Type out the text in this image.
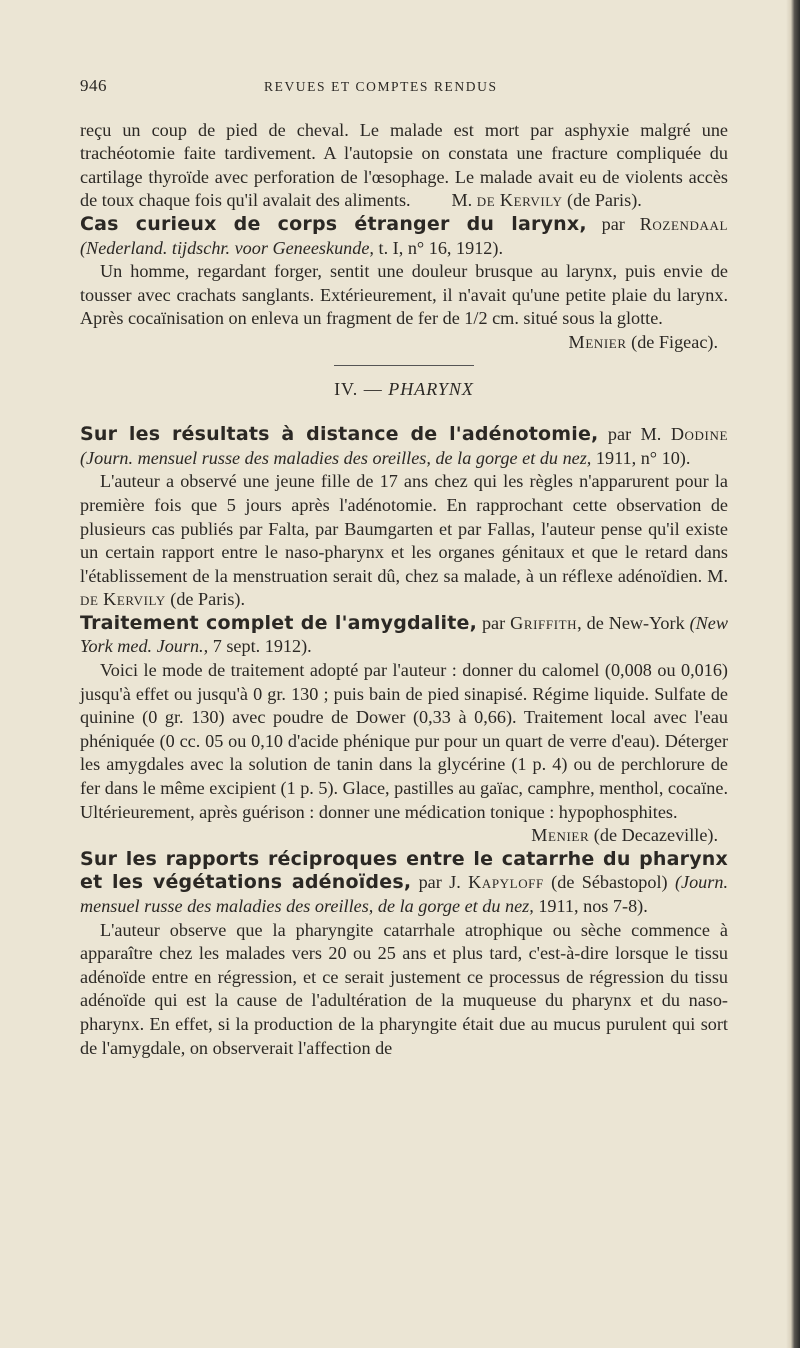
946	REVUES ET COMPTES RENDUS

reçu un coup de pied de cheval. Le malade est mort par asphyxie malgré une trachéotomie faite tardivement. A l'autopsie on constata une fracture compliquée du cartilage thyroïde avec perforation de l'œsophage. Le malade avait eu de violents accès de toux chaque fois qu'il avalait des aliments. M. de Kervily (de Paris).

Cas curieux de corps étranger du larynx, par Rozendaal (Nederland. tijdschr. voor Geneeskunde, t. I, n° 16, 1912).

Un homme, regardant forger, sentit une douleur brusque au larynx, puis envie de tousser avec crachats sanglants. Extérieurement, il n'avait qu'une petite plaie du larynx. Après cocaïnisation on enleva un fragment de fer de 1/2 cm. situé sous la glotte.

Menier (de Figeac).

IV. — PHARYNX

Sur les résultats à distance de l'adénotomie, par M. Dodine (Journ. mensuel russe des maladies des oreilles, de la gorge et du nez, 1911, n° 10).

L'auteur a observé une jeune fille de 17 ans chez qui les règles n'apparurent pour la première fois que 5 jours après l'adénotomie. En rapprochant cette observation de plusieurs cas publiés par Falta, par Baumgarten et par Fallas, l'auteur pense qu'il existe un certain rapport entre le naso-pharynx et les organes génitaux et que le retard dans l'établissement de la menstruation serait dû, chez sa malade, à un réflexe adénoïdien. M. de Kervily (de Paris).

Traitement complet de l'amygdalite, par Griffith, de New-York (New York med. Journ., 7 sept. 1912).

Voici le mode de traitement adopté par l'auteur : donner du calomel (0,008 ou 0,016) jusqu'à effet ou jusqu'à 0 gr. 130 ; puis bain de pied sinapisé. Régime liquide. Sulfate de quinine (0 gr. 130) avec poudre de Dower (0,33 à 0,66). Traitement local avec l'eau phéniquée (0 cc. 05 ou 0,10 d'acide phénique pur pour un quart de verre d'eau). Déterger les amygdales avec la solution de tanin dans la glycérine (1 p. 4) ou de perchlorure de fer dans le même excipient (1 p. 5). Glace, pastilles au gaïac, camphre, menthol, cocaïne. Ultérieurement, après guérison : donner une médication tonique : hypophosphites.

Menier (de Decazeville).

Sur les rapports réciproques entre le catarrhe du pharynx et les végétations adénoïdes, par J. Kapyloff (de Sébastopol) (Journ. mensuel russe des maladies des oreilles, de la gorge et du nez, 1911, nos 7-8).

L'auteur observe que la pharyngite catarrhale atrophique ou sèche commence à apparaître chez les malades vers 20 ou 25 ans et plus tard, c'est-à-dire lorsque le tissu adénoïde entre en régression, et ce serait justement ce processus de régression du tissu adénoïde qui est la cause de l'adultération de la muqueuse du pharynx et du naso-pharynx. En effet, si la production de la pharyngite était due au mucus purulent qui sort de l'amygdale, on observerait l'affection de
